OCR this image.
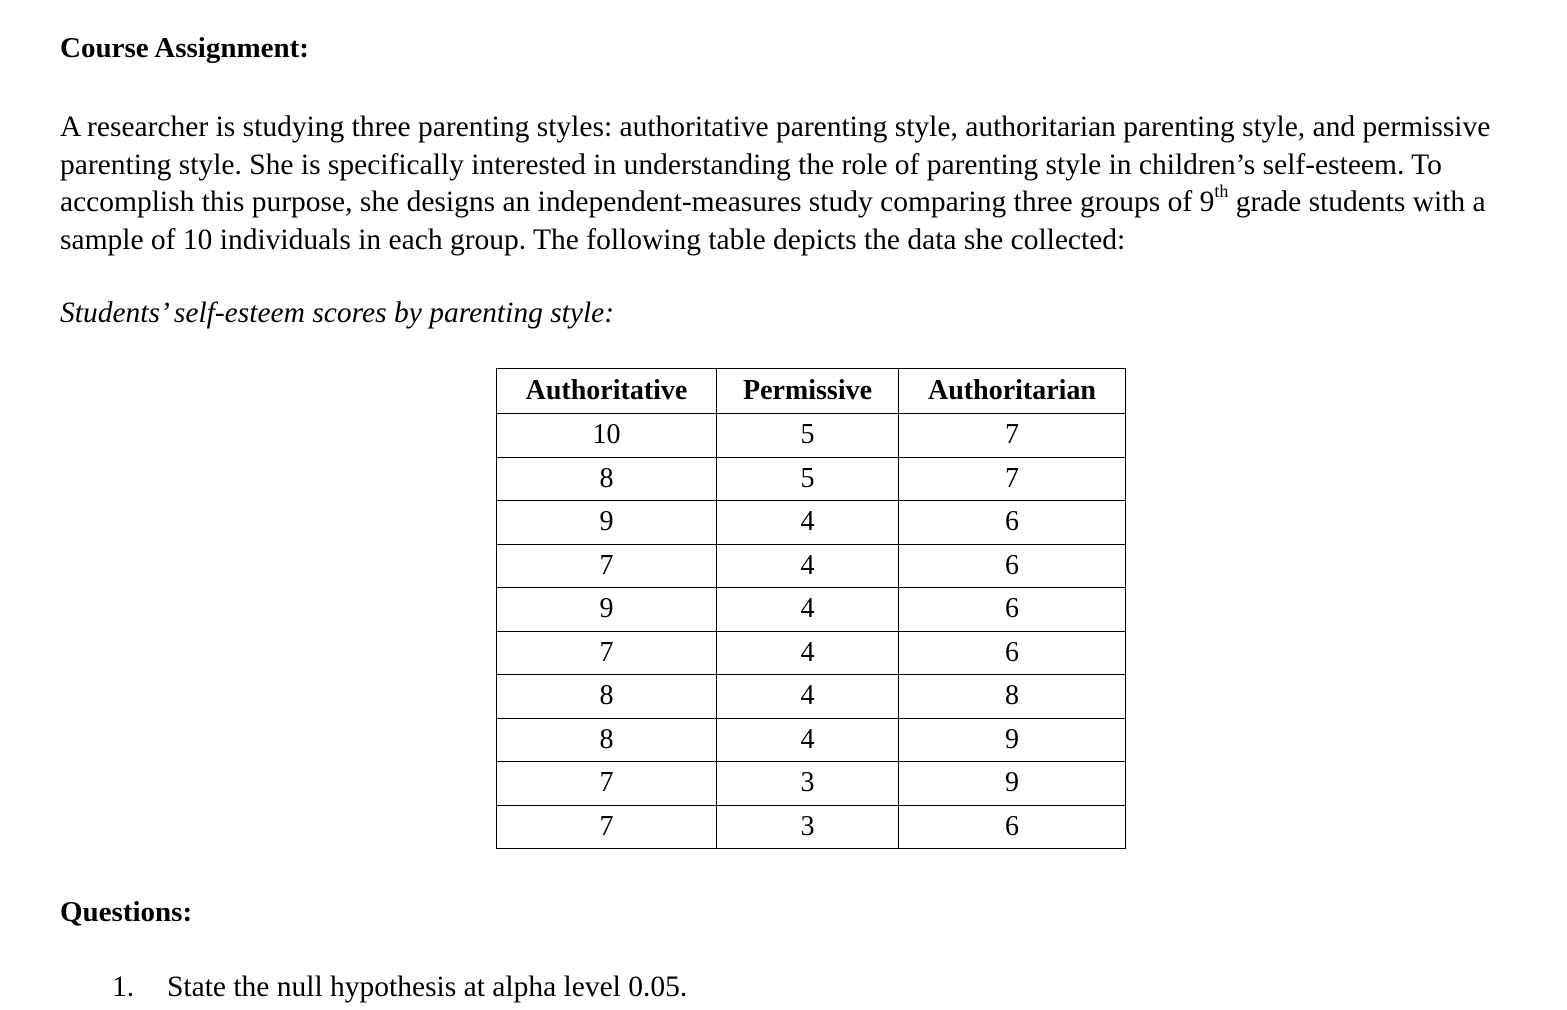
Course Assignment:

A researcher is studying three parenting styles: authoritative parenting style, authoritarian parenting style, and permissive parenting style. She is specifically interested in understanding the role of parenting style in children’s self-esteem. To accomplish this purpose, she designs an independent-measures study comparing three groups of 9th grade students with a sample of 10 individuals in each group. The following table depicts the data she collected:

Students’ self-esteem scores by parenting style:

Authoritative	Permissive	Authoritarian
10	5	7
8	5	7
9	4	6
7	4	6
9	4	6
7	4	6
8	4	8
8	4	9
7	3	9
7	3	6
Questions:

1. State the null hypothesis at alpha level 0.05.
